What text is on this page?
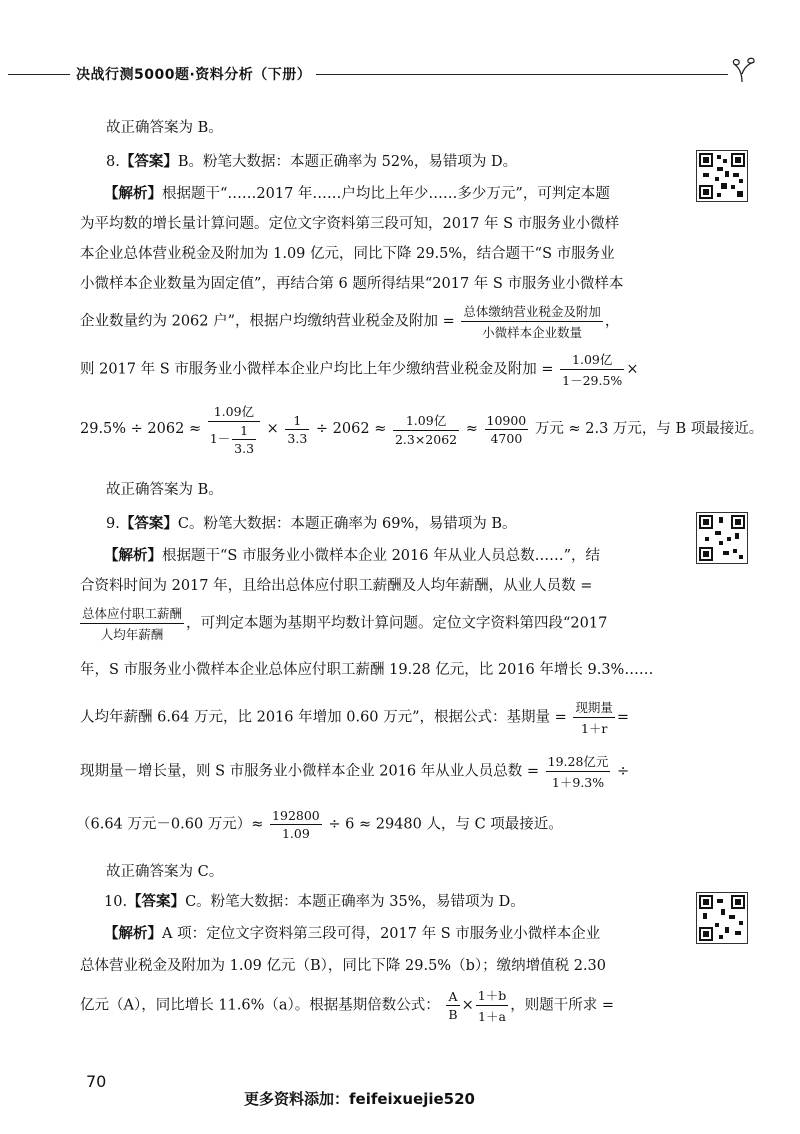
决战行测5000题·资料分析（下册）
故正确答案为 B。
8.【答案】B。粉笔大数据：本题正确率为 52%，易错项为 D。
【解析】根据题干“……2017 年……户均比上年少……多少万元”，可判定本题
为平均数的增长量计算问题。定位文字资料第三段可知，2017 年 S 市服务业小微样
本企业总体营业税金及附加为 1.09 亿元，同比下降 29.5%，结合题干“S 市服务业
小微样本企业数量为固定值”，再结合第 6 题所得结果“2017 年 S 市服务业小微样本
企业数量约为 2062 户”，根据户均缴纳营业税金及附加 = $\frac{\text{总体缴纳营业税金及附加}}{\text{小微样本企业数量}}$ ，
则 2017 年 S 市服务业小微样本企业户均比上年少缴纳营业税金及附加 = $\frac{\text{1.09亿}}{1-29.5\%}$ ×
$29.5\% \div 2062 \approx \frac{\text{1.09亿}}{1- \frac{1}{3.3}} \times \frac{1}{3.3} \div 2062 \approx \frac{\text{1.09亿}}{2.3\times 2062} \approx \frac{10900}{4700}$ 万元 ≈ 2.3 万元，与 B 项最接近。
故正确答案为 B。
9.【答案】C。粉笔大数据：本题正确率为 69%，易错项为 B。
【解析】根据题干“S 市服务业小微样本企业 2016 年从业人员总数……”，结
合资料时间为 2017 年，且给出总体应付职工薪酬及人均年薪酬，从业人员数 =
$\frac{\text{总体应付职工薪酬}}{\text{人均年薪酬}}$ ，可判定本题为基期平均数计算问题。定位文字资料第四段“2017
年，S 市服务业小微样本企业总体应付职工薪酬 19.28 亿元，比 2016 年增长 9.3%……
人均年薪酬 6.64 万元，比 2016 年增加 0.60 万元”，根据公式：基期量 = $\frac{\text{现期量}}{1+r}$ =
现期量－增长量，则 S 市服务业小微样本企业 2016 年从业人员总数 = $\frac{\text{19.28亿元}}{1+9.3\%}$ ÷
（6.64 万元－0.60 万元）≈ $\frac{192800}{1.09} \div 6 \approx 29480$ 人，与 C 项最接近。
故正确答案为 C。
10.【答案】C。粉笔大数据：本题正确率为 35%，易错项为 D。
【解析】A 项：定位文字资料第三段可得，2017 年 S 市服务业小微样本企业
总体营业税金及附加为 1.09 亿元（B），同比下降 29.5%（b）；缴纳增值税 2.30
亿元（A），同比增长 11.6%（a）。根据基期倍数公式： $\frac{A}{B} \times \frac{1+b}{1+a}$ ，则题干所求 =
70
更多资料添加：feifeixuejie520
